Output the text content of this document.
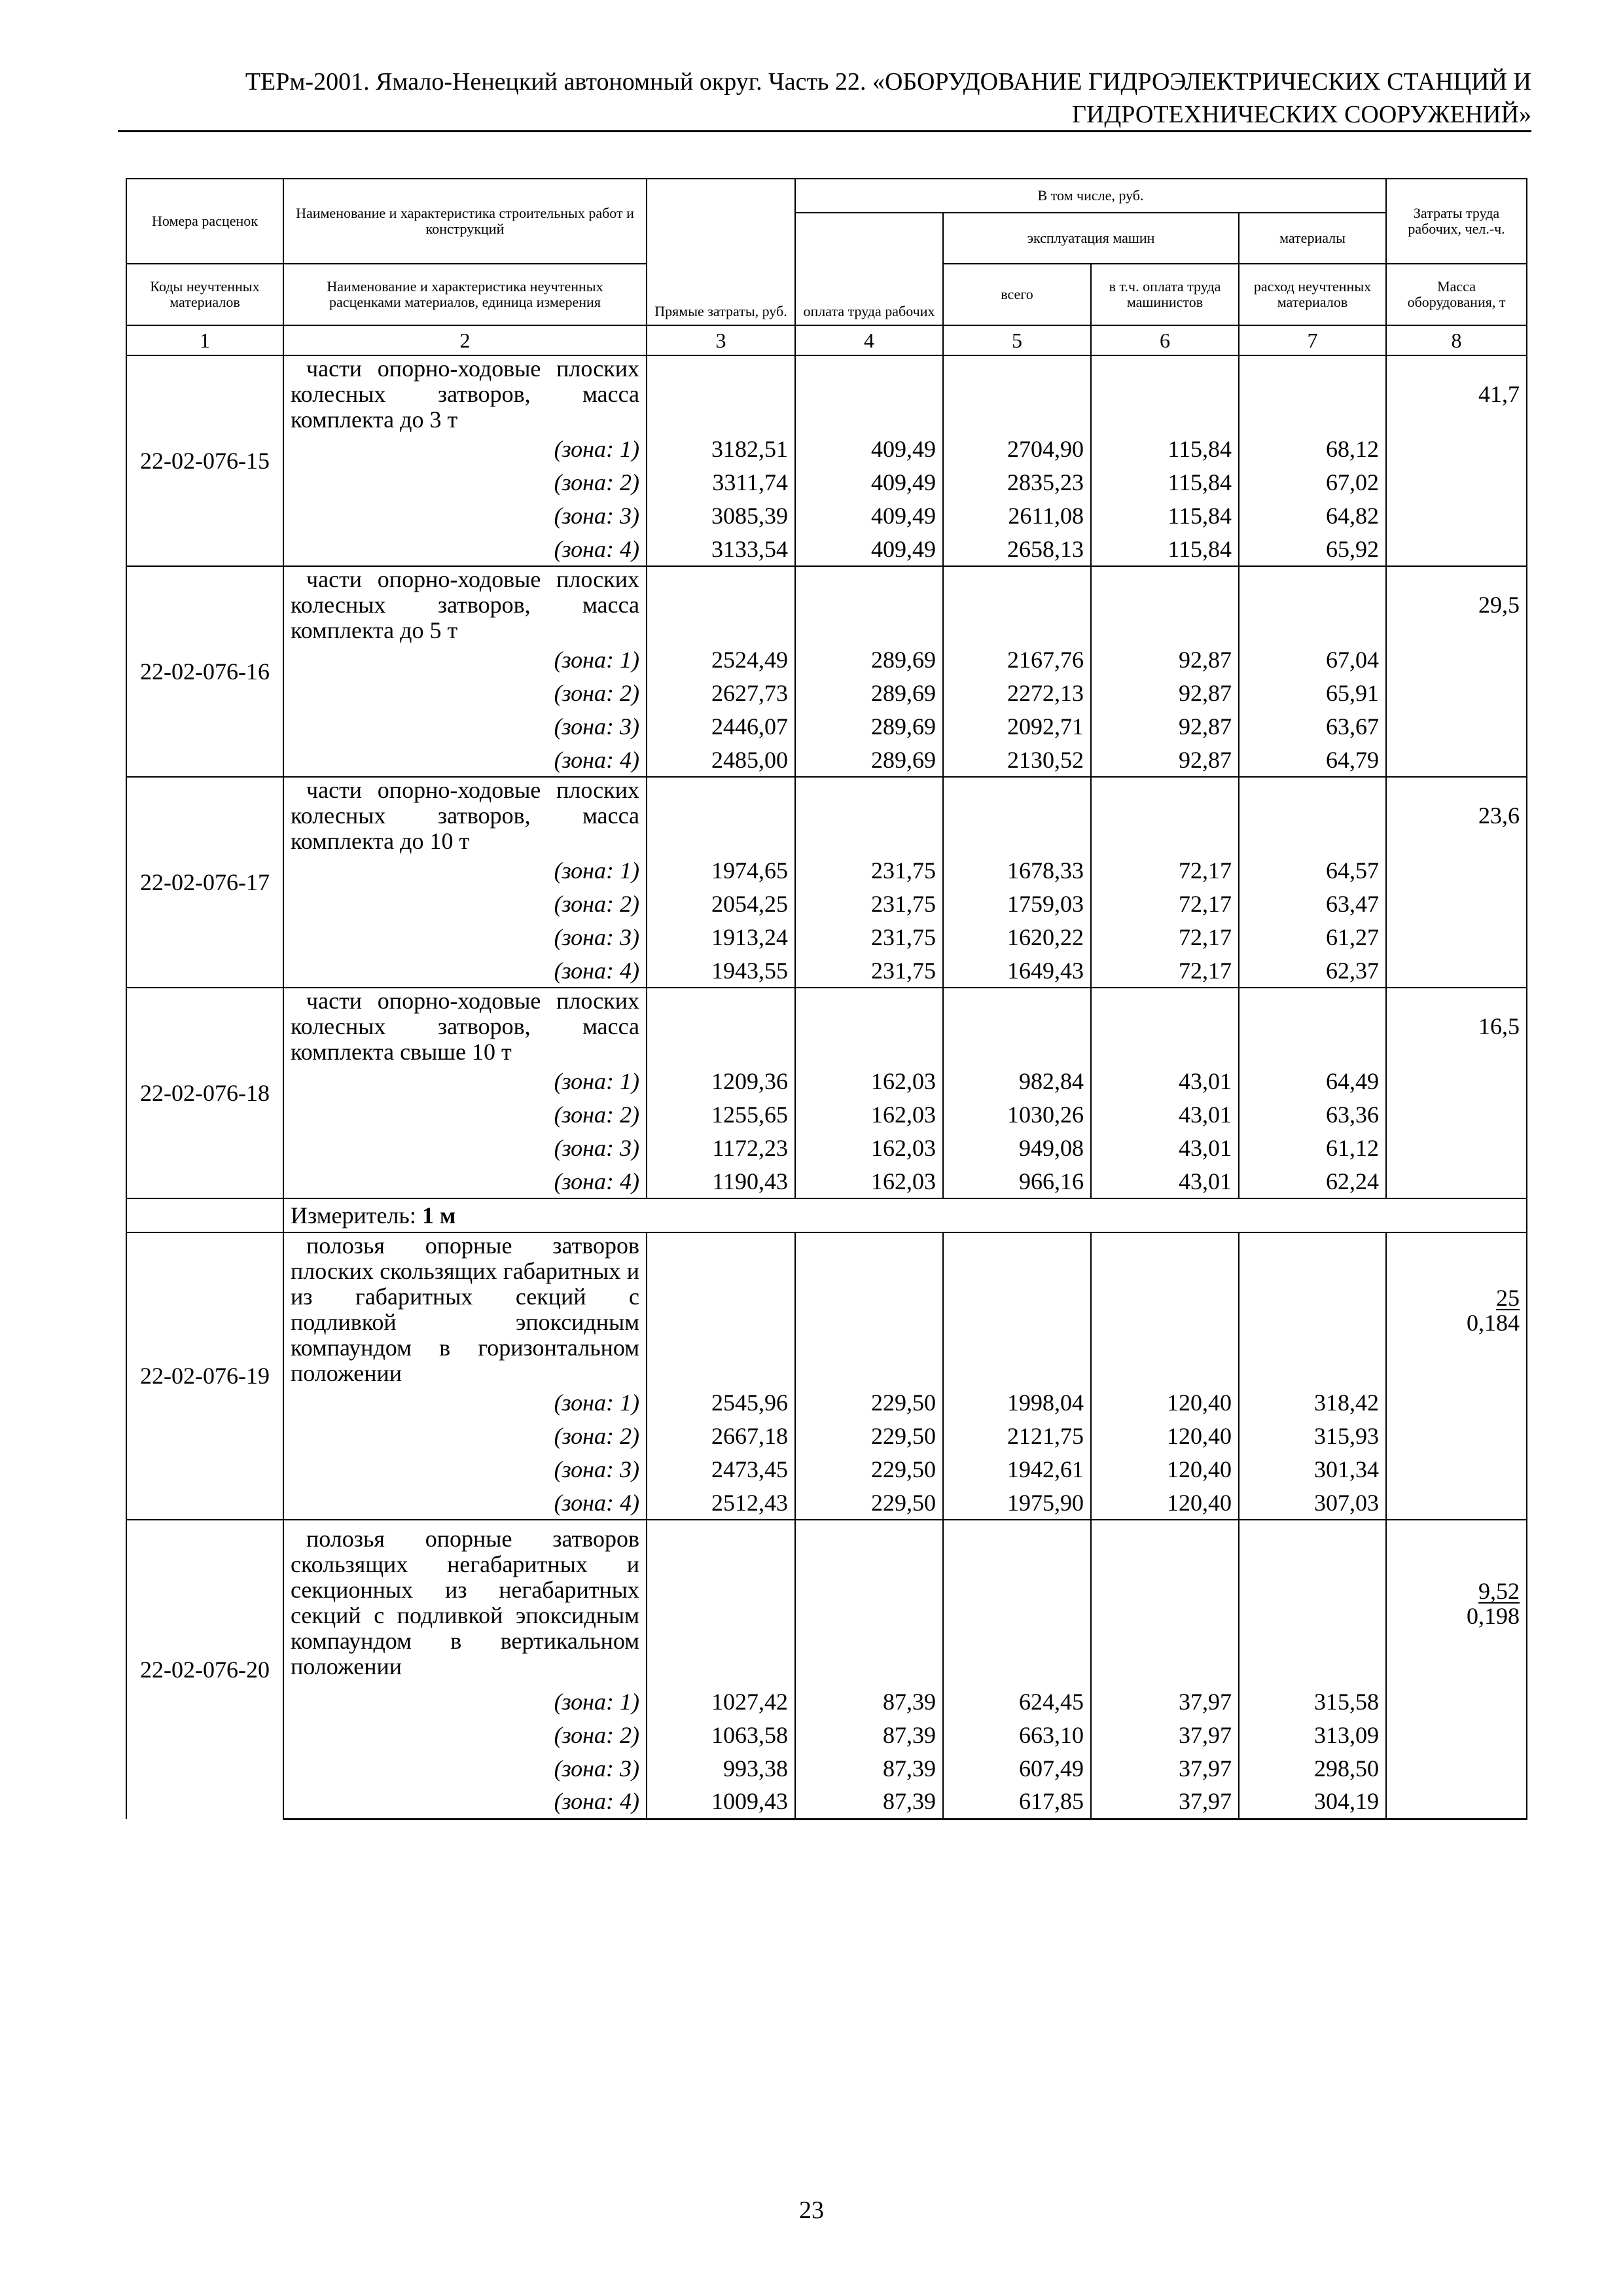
ТЕРм-2001. Ямало-Ненецкий автономный округ. Часть 22. «ОБОРУДОВАНИЕ ГИДРОЭЛЕКТРИЧЕСКИХ СТАНЦИЙ И
ГИДРОТЕХНИЧЕСКИХ СООРУЖЕНИЙ»
Номера расценок	Наименование и характеристика строительных работ и конструкций	Прямые затраты, руб.	В том числе, руб.				Затраты труда рабочих, чел.-ч.
			оплата труда рабочих	эксплуатация машин		материалы	
Коды неучтенных материалов	Наименование и характеристика неучтенных расценками материалов, единица измерения			всего	в т.ч. оплата труда машинистов	расход неучтенных материалов	Масса оборудования, т
1	2	3	4	5	6	7	8
22-02-076-15	части опорно-ходовые плоских колесных затворов, масса комплекта до 3 т						41,7
	(зона: 1)	3182,51	409,49	2704,90	115,84	68,12	
	(зона: 2)	3311,74	409,49	2835,23	115,84	67,02	
	(зона: 3)	3085,39	409,49	2611,08	115,84	64,82	
	(зона: 4)	3133,54	409,49	2658,13	115,84	65,92	
22-02-076-16	части опорно-ходовые плоских колесных затворов, масса комплекта до 5 т						29,5
	(зона: 1)	2524,49	289,69	2167,76	92,87	67,04	
	(зона: 2)	2627,73	289,69	2272,13	92,87	65,91	
	(зона: 3)	2446,07	289,69	2092,71	92,87	63,67	
	(зона: 4)	2485,00	289,69	2130,52	92,87	64,79	
22-02-076-17	части опорно-ходовые плоских колесных затворов, масса комплекта до 10 т						23,6
	(зона: 1)	1974,65	231,75	1678,33	72,17	64,57	
	(зона: 2)	2054,25	231,75	1759,03	72,17	63,47	
	(зона: 3)	1913,24	231,75	1620,22	72,17	61,27	
	(зона: 4)	1943,55	231,75	1649,43	72,17	62,37	
22-02-076-18	части опорно-ходовые плоских колесных затворов, масса комплекта свыше 10 т						16,5
	(зона: 1)	1209,36	162,03	982,84	43,01	64,49	
	(зона: 2)	1255,65	162,03	1030,26	43,01	63,36	
	(зона: 3)	1172,23	162,03	949,08	43,01	61,12	
	(зона: 4)	1190,43	162,03	966,16	43,01	62,24	
	Измеритель: 1 м						
22-02-076-19	полозья опорные затворов плоских скользящих габаритных и из габаритных секций с подливкой эпоксидным компаундом в горизонтальном положении						25
0,184

	(зона: 1)	2545,96	229,50	1998,04	120,40	318,42	
	(зона: 2)	2667,18	229,50	2121,75	120,40	315,93	
	(зона: 3)	2473,45	229,50	1942,61	120,40	301,34	
	(зона: 4)	2512,43	229,50	1975,90	120,40	307,03	
22-02-076-20	полозья опорные затворов скользящих негабаритных и секционных из негабаритных секций с подливкой эпоксидным компаундом в вертикальном положении						9,52
0,198

	(зона: 1)	1027,42	87,39	624,45	37,97	315,58	
	(зона: 2)	1063,58	87,39	663,10	37,97	313,09	
	(зона: 3)	993,38	87,39	607,49	37,97	298,50	
	(зона: 4)	1009,43	87,39	617,85	37,97	304,19	
23
